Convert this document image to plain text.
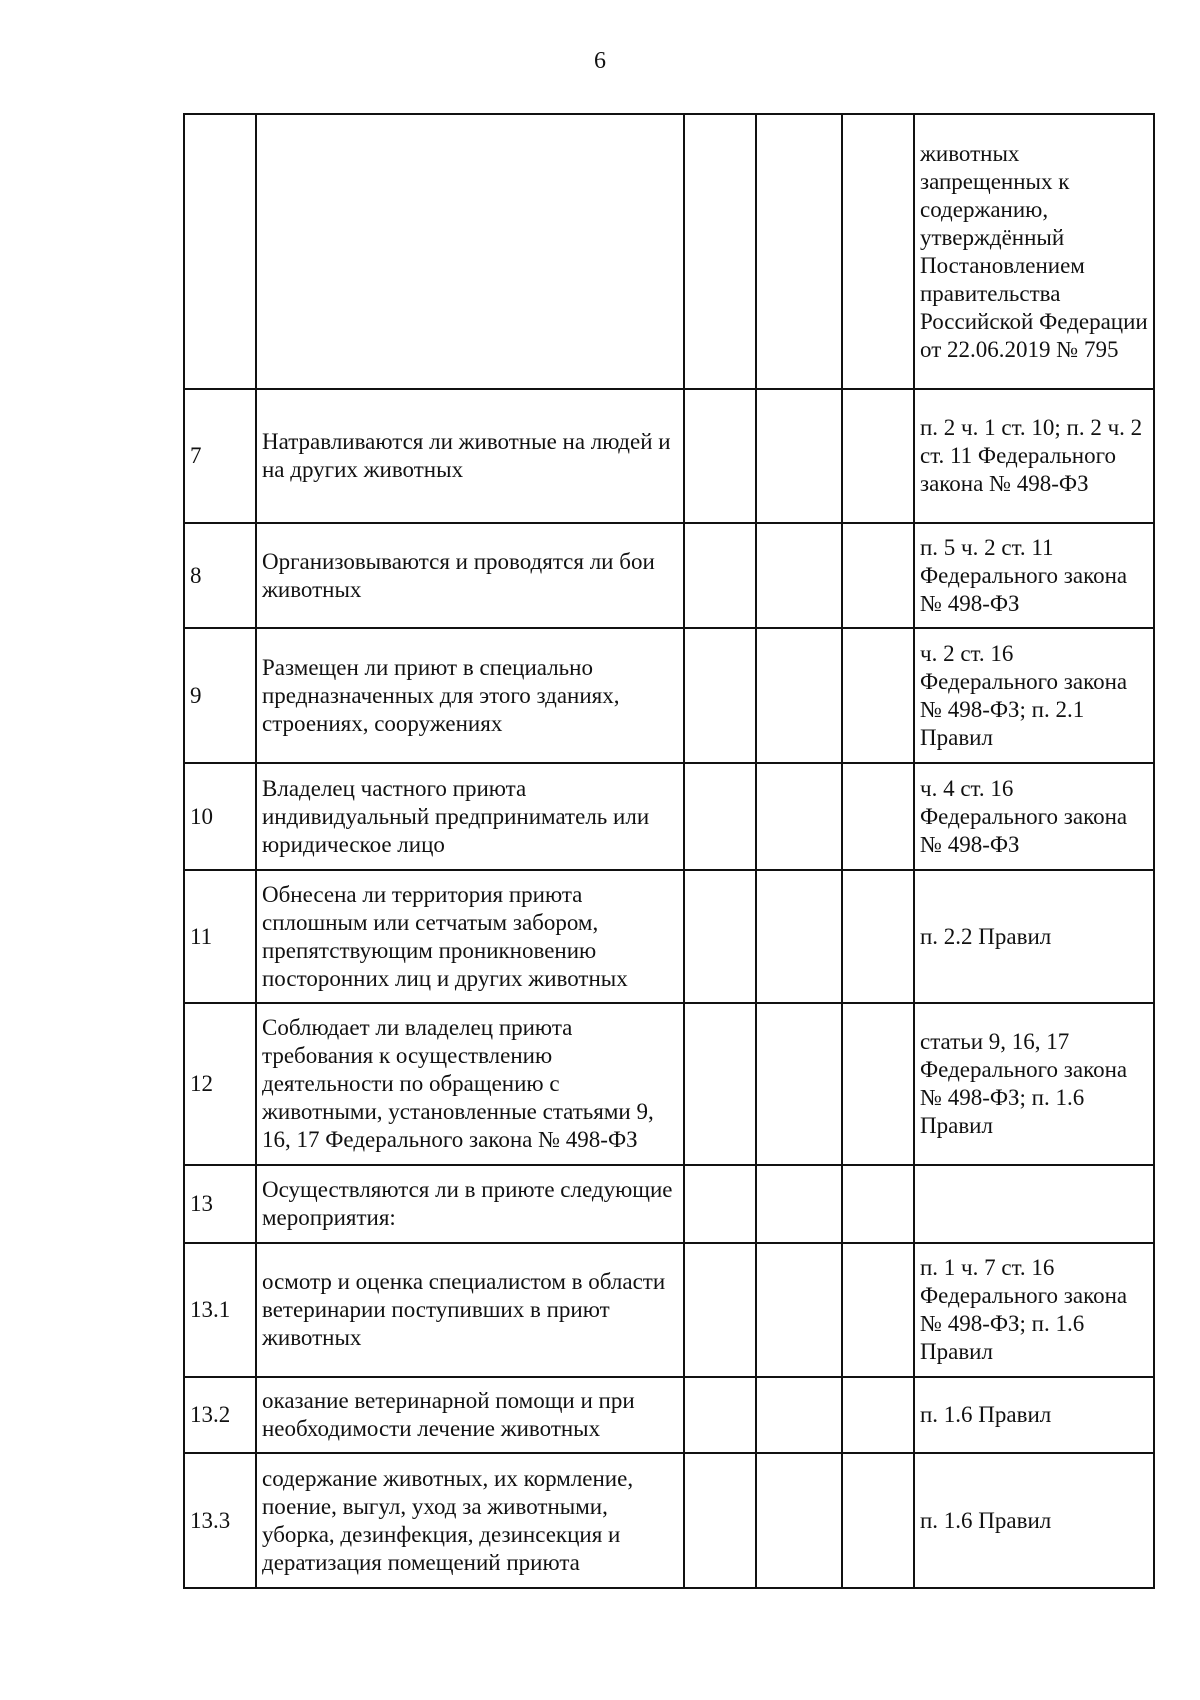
6
					животных запрещенных к содержанию, утверждённый Постановлением правительства Российской Федерации от 22.06.2019 № 795
7	Натравливаются ли животные на людей и на других животных				п. 2 ч. 1 ст. 10; п. 2 ч. 2 ст. 11 Федерального закона № 498-ФЗ
8	Организовываются и проводятся ли бои животных				п. 5 ч. 2 ст. 11 Федерального закона № 498-ФЗ
9	Размещен ли приют в специально предназначенных для этого зданиях, строениях, сооружениях				ч. 2 ст. 16 Федерального закона № 498-ФЗ; п. 2.1 Правил
10	Владелец частного приюта индивидуальный предприниматель или юридическое лицо				ч. 4 ст. 16 Федерального закона № 498-ФЗ
11	Обнесена ли территория приюта сплошным или сетчатым забором, препятствующим проникновению посторонних лиц и других животных				п. 2.2 Правил
12	Соблюдает ли владелец приюта требования к осуществлению деятельности по обращению с животными, установленные статьями 9, 16, 17 Федерального закона № 498-ФЗ				статьи 9, 16, 17 Федерального закона № 498-ФЗ; п. 1.6 Правил
13	Осуществляются ли в приюте следующие мероприятия:				
13.1	осмотр и оценка специалистом в области ветеринарии поступивших в приют животных				п. 1 ч. 7 ст. 16 Федерального закона № 498-ФЗ; п. 1.6 Правил
13.2	оказание ветеринарной помощи и при необходимости лечение животных				п. 1.6 Правил
13.3	содержание животных, их кормление, поение, выгул, уход за животными, уборка, дезинфекция, дезинсекция и дератизация помещений приюта				п. 1.6 Правил
